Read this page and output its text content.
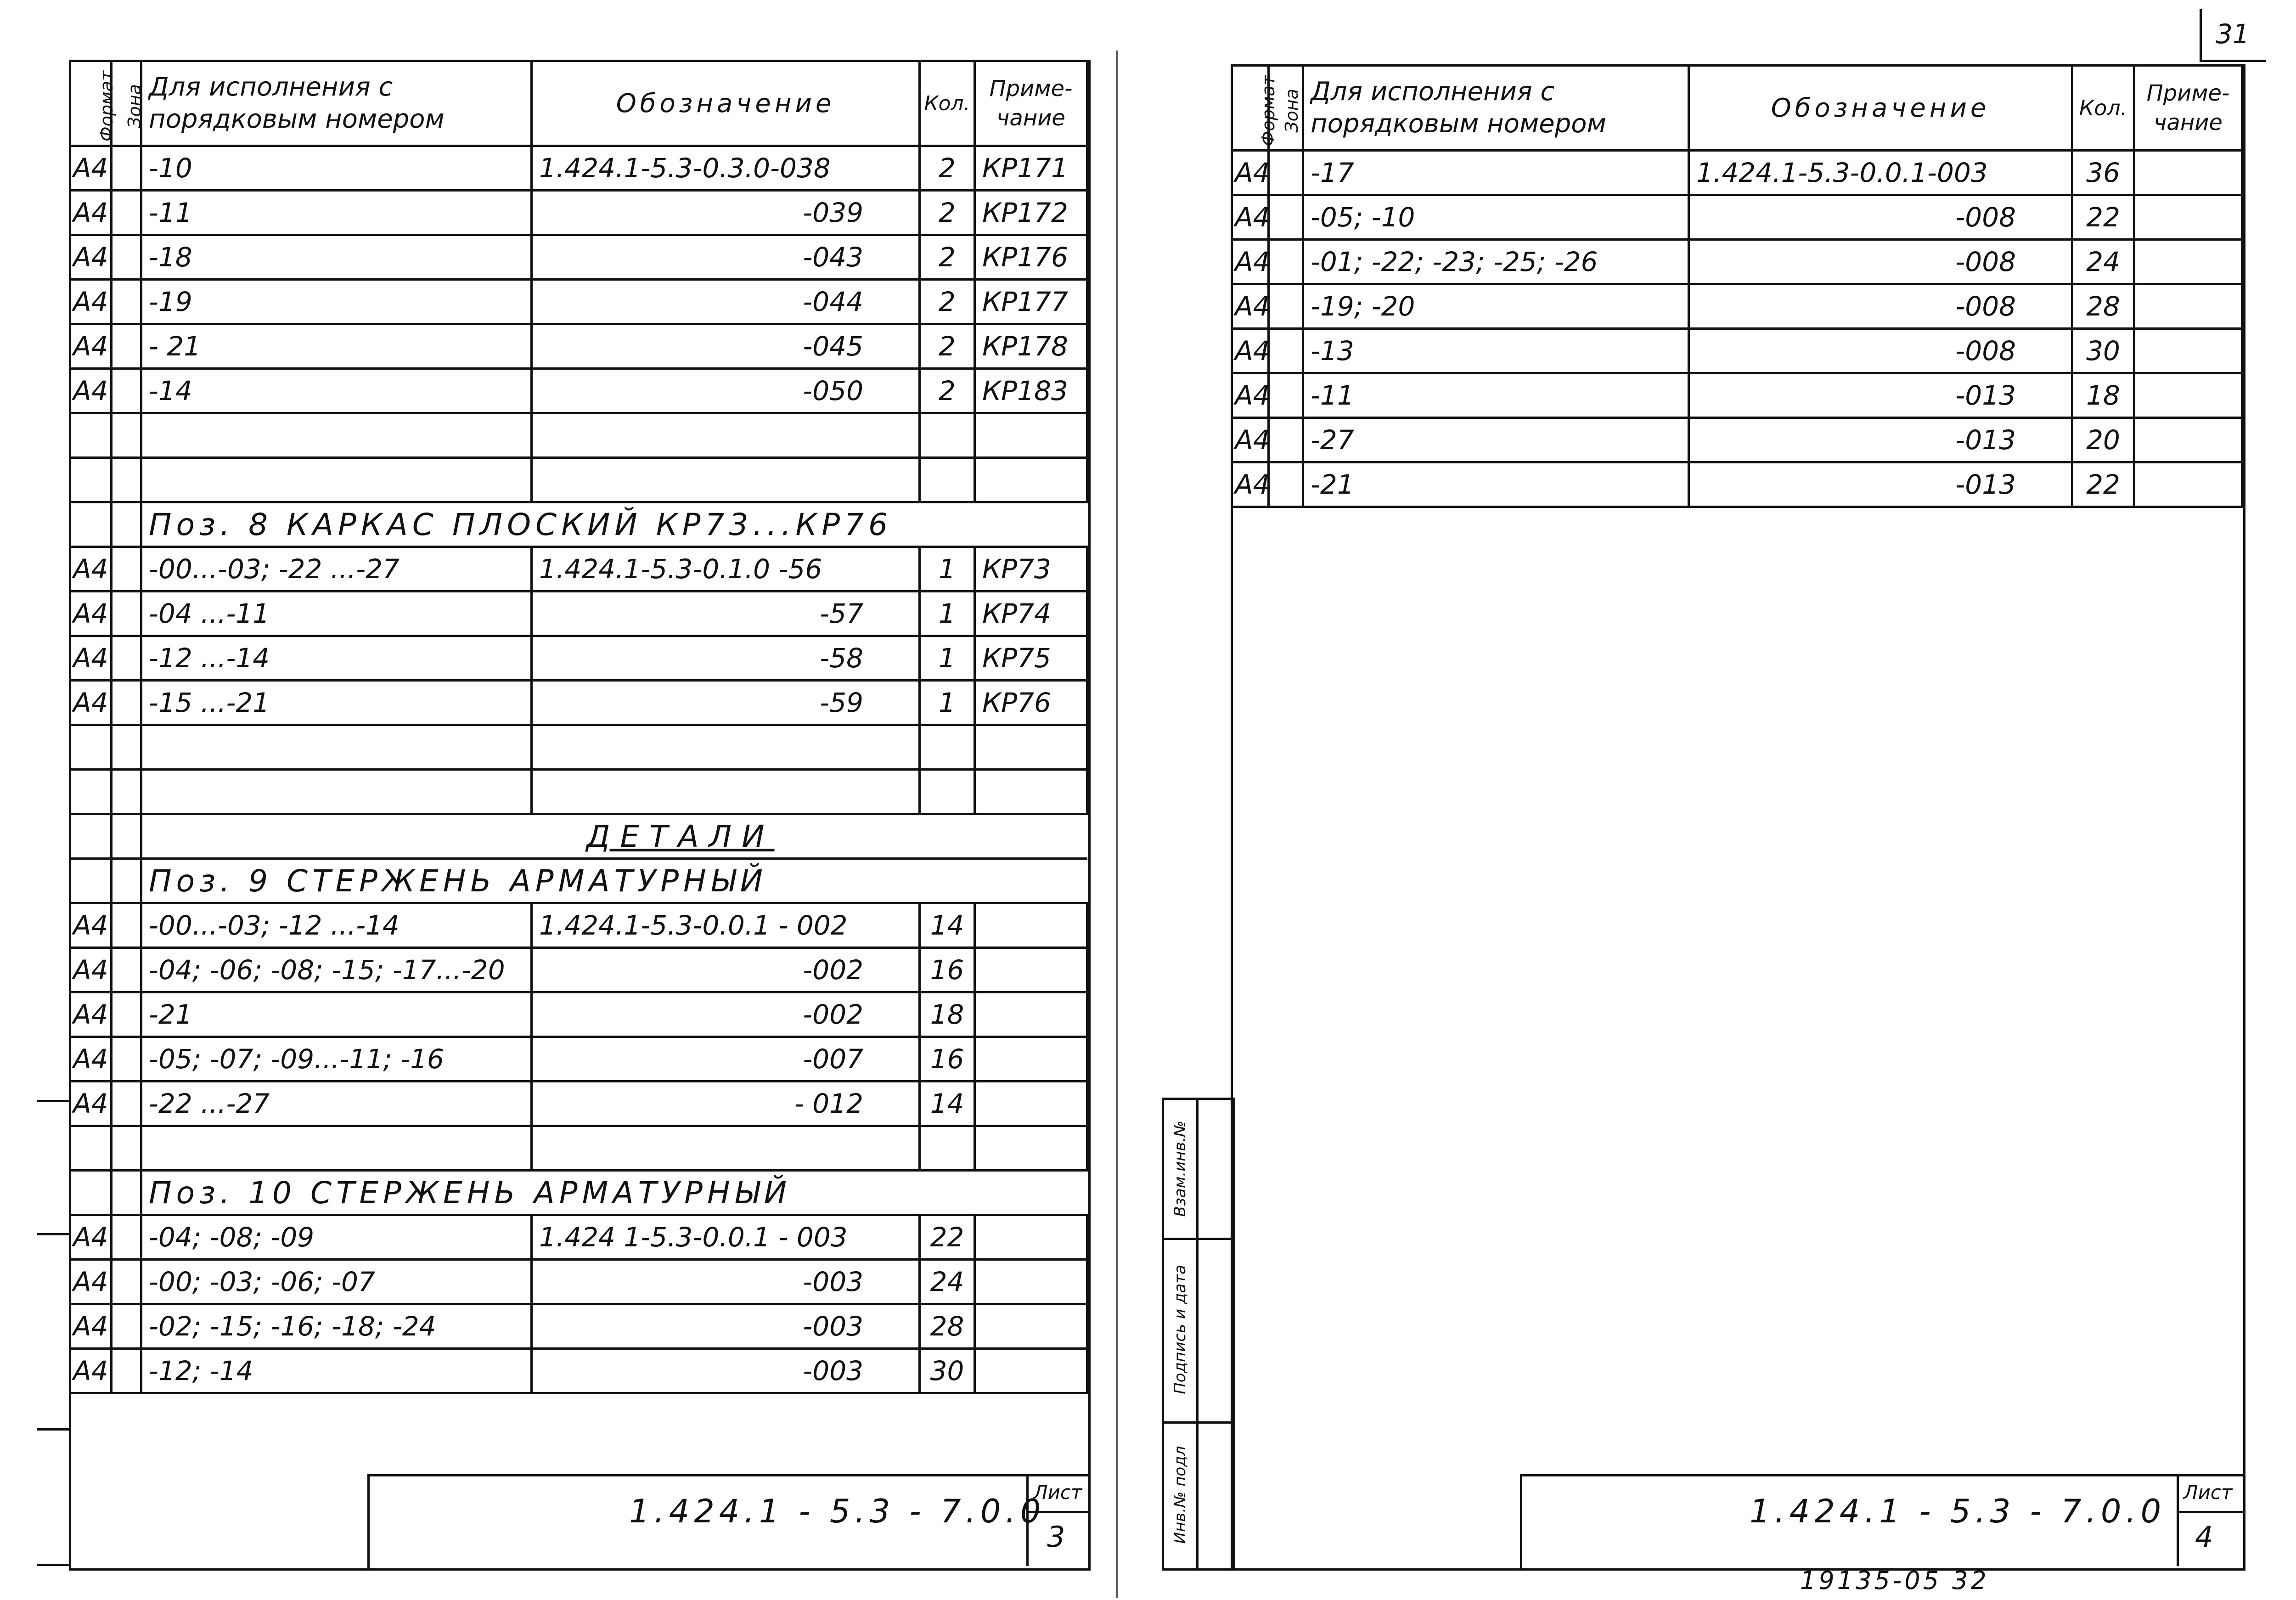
31
Формат	Зона	Для исполнения с порядковым номером	Обозначение	Кол.	Приме-чание
А4		-10	1.424.1-5.3-0.3.0-038	2	КР171
А4		-11	-039	2	КР172
А4		-18	-043	2	КР176
А4		-19	-044	2	КР177
А4		- 21	-045	2	КР178
А4		-14	-050	2	КР183

		Поз. 8 КАРКАС ПЛОСКИЙ КР73...КР76			
А4		-00...-03; -22 ...-27	1.424.1-5.3-0.1.0 -56	1	КР73
А4		-04 ...-11	-57	1	КР74
А4		-12 ...-14	-58	1	КР75
А4		-15 ...-21	-59	1	КР76

		ДЕТАЛИ			
		Поз. 9 СТЕРЖЕНЬ АРМАТУРНЫЙ			
А4		-00...-03; -12 ...-14	1.424.1-5.3-0.0.1 - 002	14	
А4		-04; -06; -08; -15; -17...-20	-002	16	
А4		-21	-002	18	
А4		-05; -07; -09...-11; -16	-007	16	
А4		-22 ...-27	- 012	14	

		Поз. 10 СТЕРЖЕНЬ АРМАТУРНЫЙ			
А4		-04; -08; -09	1.424 1-5.3-0.0.1 - 003	22	
А4		-00; -03; -06; -07	-003	24	
А4		-02; -15; -16; -18; -24	-003	28	
А4		-12; -14	-003	30	
1.424.1 - 5.3 - 7.0.0
Лист
3
Формат	Зона	Для исполнения с порядковым номером	Обозначение	Кол.	Приме-чание
А4		-17	1.424.1-5.3-0.0.1-003	36	
А4		-05; -10	-008	22	
А4		-01; -22; -23; -25; -26	-008	24	
А4		-19; -20	-008	28	
А4		-13	-008	30	
А4		-11	-013	18	
А4		-27	-013	20	
А4		-21	-013	22	
Взам.инв.№
Подпись и дата
Инв.№ подл	1.424.1 - 5.3 - 7.0.0
Лист
4
19135-05 32
